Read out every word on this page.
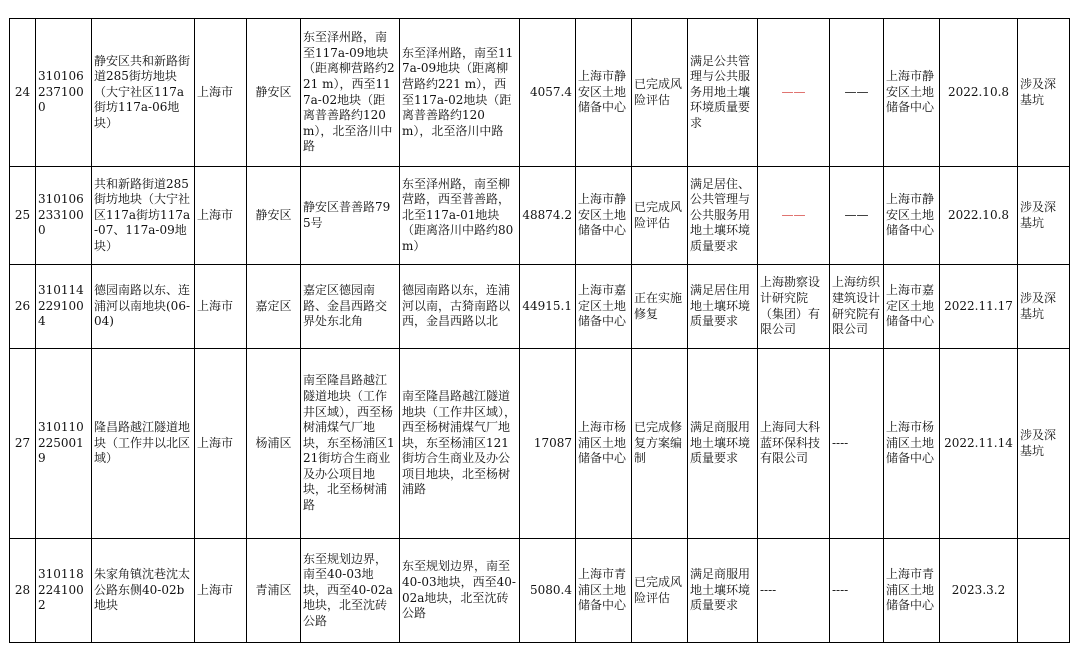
24	3101062371000	静安区共和新路街道285街坊地块（大宁社区117a街坊117a-06地块）	上海市	静安区	东至泽州路，南至117a-09地块（距离柳营路约221 m），西至117a-02地块（距离普善路约120 m），北至洛川中路	东至泽州路，南至117a-09地块（距离柳营路约221 m），西至117a-02地块（距离普善路约120 m），北至洛川中路	4057.4	上海市静安区土地储备中心	已完成风险评估	满足公共管理与公共服务用地土壤环境质量要求	——	——	上海市静安区土地储备中心	2022.10.8	涉及深基坑
25	3101062331000	共和新路街道285街坊地块（大宁社区117a街坊117a-07、117a-09地块）	上海市	静安区	静安区普善路795号	东至泽州路，南至柳营路，西至普善路，北至117a-01地块（距离洛川中路约80 m）	48874.2	上海市静安区土地储备中心	已完成风险评估	满足居住、公共管理与公共服务用地土壤环境质量要求	——	——	上海市静安区土地储备中心	2022.10.8	涉及深基坑
26	3101142291004	德园南路以东、连浦河以南地块(06-04)	上海市	嘉定区	嘉定区德园南路、金昌西路交界处东北角	德园南路以东，连浦河以南，古猗南路以西，金昌西路以北	44915.1	上海市嘉定区土地储备中心	正在实施修复	满足居住用地土壤环境质量要求	上海勘察设计研究院（集团）有限公司	上海纺织建筑设计研究院有限公司	上海市嘉定区土地储备中心	2022.11.17	涉及深基坑
27	3101102250019	隆昌路越江隧道地块（工作井以北区域）	上海市	杨浦区	南至隆昌路越江隧道地块（工作井区域），西至杨树浦煤气厂地块，东至杨浦区121街坊合生商业及办公项目地块，北至杨树浦路	南至隆昌路越江隧道地块（工作井区域），西至杨树浦煤气厂地块，东至杨浦区121街坊合生商业及办公项目地块，北至杨树浦路	17087	上海市杨浦区土地储备中心	已完成修复方案编制	满足商服用地土壤环境质量要求	上海同大科蓝环保科技有限公司	----	上海市杨浦区土地储备中心	2022.11.14	涉及深基坑
28	3101182241002	朱家角镇沈巷沈太公路东侧40-02b地块	上海市	青浦区	东至规划边界，南至40-03地块，西至40-02a地块，北至沈砖公路	东至规划边界，南至40-03地块，西至40-02a地块，北至沈砖公路	5080.4	上海市青浦区土地储备中心	已完成风险评估	满足商服用地土壤环境质量要求	----	----	上海市青浦区土地储备中心	2023.3.2	
